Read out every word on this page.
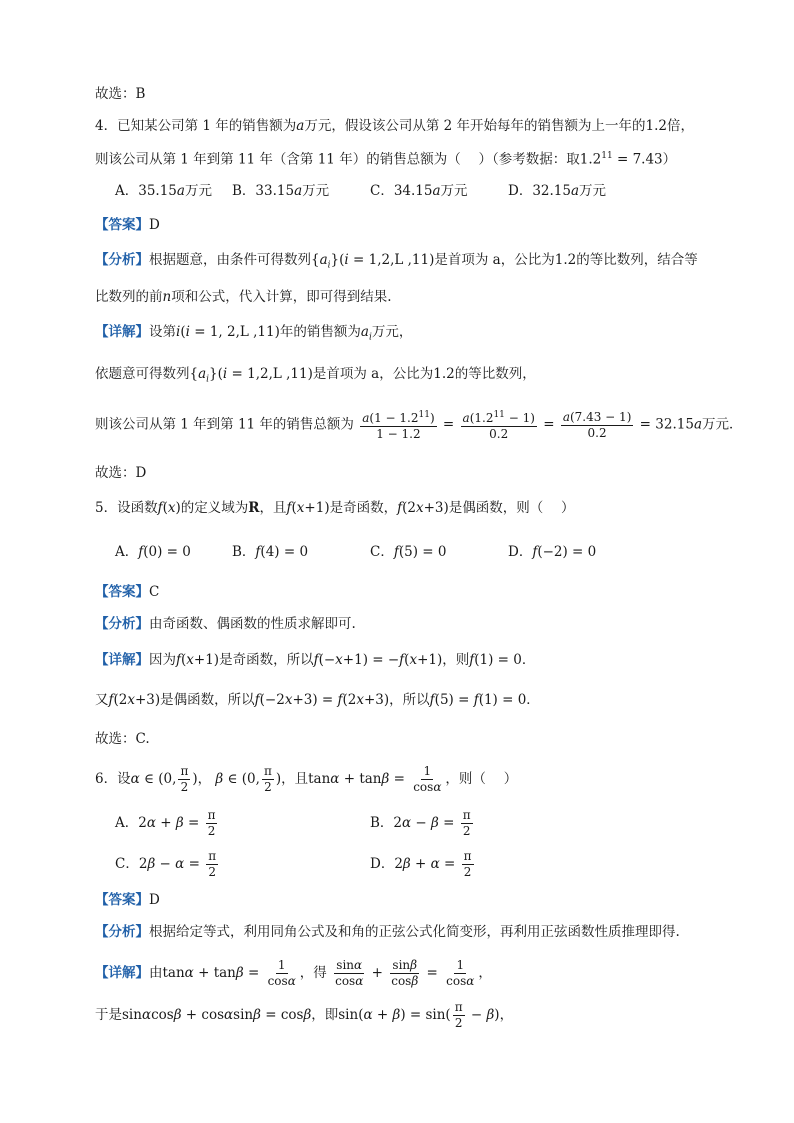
故选：B
4．已知某公司第 1 年的销售额为a万元，假设该公司从第 2 年开始每年的销售额为上一年的1.2倍，
则该公司从第 1 年到第 11 年（含第 11 年）的销售总额为（　 ）（参考数据：取$1.2^{11} = 7.43$）
A．35.15a万元 B．33.15a万元	C．34.15a万元	D．32.15a万元
【答案】D
【分析】根据题意，由条件可得数列$\{a_i\}(i = 1,2,L$ ,11)是首项为 a，公比为1.2的等比数列，结合等
比数列的前n项和公式，代入计算，即可得到结果.
【详解】设第i(i = 1, 2,L ,11)年的销售额为$a_i$万元，
依题意可得数列$\{a_i\}(i = 1,2,L$ ,11)是首项为 a，公比为1.2的等比数列，
则该公司从第 1 年到第 11 年的销售总额为 $\frac{a(1 - 1.2^{11})}{1 - 1.2} = \frac{a(1.2^{11} - 1)}{0.2} = \frac{a(7.43 - 1)}{0.2} = 32.15a$万元．
故选：D
5．设函数f(x)的定义域为R，且f(x+1)是奇函数，f(2x+3)是偶函数，则（　 ）
A．f(0) = 0	B．f(4) = 0	C．f(5) = 0	D．f(−2) = 0
【答案】C
【分析】由奇函数、偶函数的性质求解即可.
【详解】因为f(x+1)是奇函数，所以f(−x+1) = −f(x+1)，则f(1) = 0．
又f(2x+3)是偶函数，所以f(−2x+3) = f(2x+3)，所以f(5) = f(1) = 0．
故选：C.
6．设α ∈ (0, $\frac{\pi}{2}$ )， β ∈ (0, $\frac{\pi}{2}$ )，且$\tan\alpha + \tan\beta = \frac{1}{\cos\alpha}$ ，则（　 ）
A．$2\alpha + \beta = \frac{\pi}{2}$	B．$2\alpha - \beta = \frac{\pi}{2}$
C．$2\beta - \alpha = \frac{\pi}{2}$	D．$2\beta + \alpha = \frac{\pi}{2}$
【答案】D
【分析】根据给定等式，利用同角公式及和角的正弦公式化简变形，再利用正弦函数性质推理即得.
【详解】由$\tan\alpha + \tan\beta = \frac{1}{\cos\alpha}$ ，得 $\frac{\sin\alpha}{\cos\alpha} + \frac{\sin\beta}{\cos\beta} = \frac{1}{\cos\alpha}$ ，
于是sinαcosβ + cosαsinβ = cosβ，即$\sin(\alpha + \beta) = \sin( \frac{\pi}{2} - \beta)$，
